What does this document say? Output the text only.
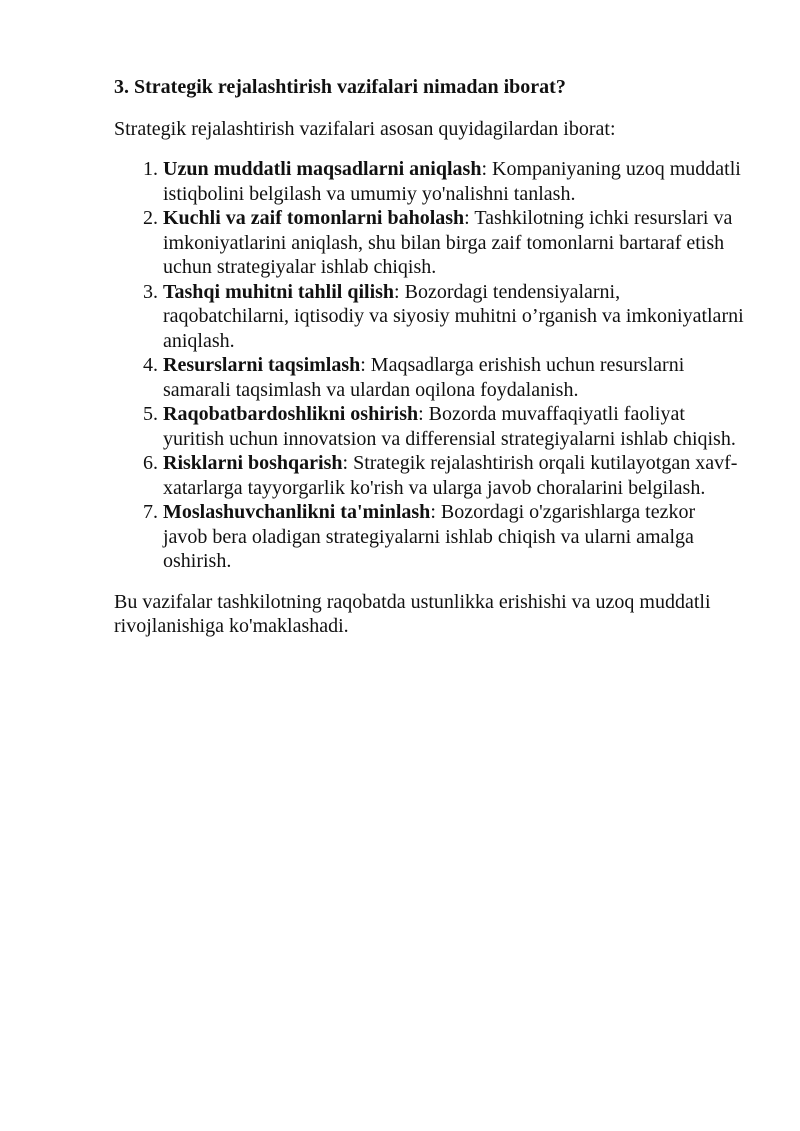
3. Strategik rejalashtirish vazifalari nimadan iborat?

Strategik rejalashtirish vazifalari asosan quyidagilardan iborat:

1. Uzun muddatli maqsadlarni aniqlash: Kompaniyaning uzoq muddatli istiqbolini belgilash va umumiy yo'nalishni tanlash.
2. Kuchli va zaif tomonlarni baholash: Tashkilotning ichki resurslari va imkoniyatlarini aniqlash, shu bilan birga zaif tomonlarni bartaraf etish uchun strategiyalar ishlab chiqish.
3. Tashqi muhitni tahlil qilish: Bozordagi tendensiyalarni, raqobatchilarni, iqtisodiy va siyosiy muhitni o’rganish va imkoniyatlarni aniqlash.
4. Resurslarni taqsimlash: Maqsadlarga erishish uchun resurslarni samarali taqsimlash va ulardan oqilona foydalanish.
5. Raqobatbardoshlikni oshirish: Bozorda muvaffaqiyatli faoliyat yuritish uchun innovatsion va differensial strategiyalarni ishlab chiqish.
6. Risklarni boshqarish: Strategik rejalashtirish orqali kutilayotgan xavf-xatarlarga tayyorgarlik ko'rish va ularga javob choralarini belgilash.
7. Moslashuvchanlikni ta'minlash: Bozordagi o'zgarishlarga tezkor javob bera oladigan strategiyalarni ishlab chiqish va ularni amalga oshirish.

Bu vazifalar tashkilotning raqobatda ustunlikka erishishi va uzoq muddatli rivojlanishiga ko'maklashadi.
